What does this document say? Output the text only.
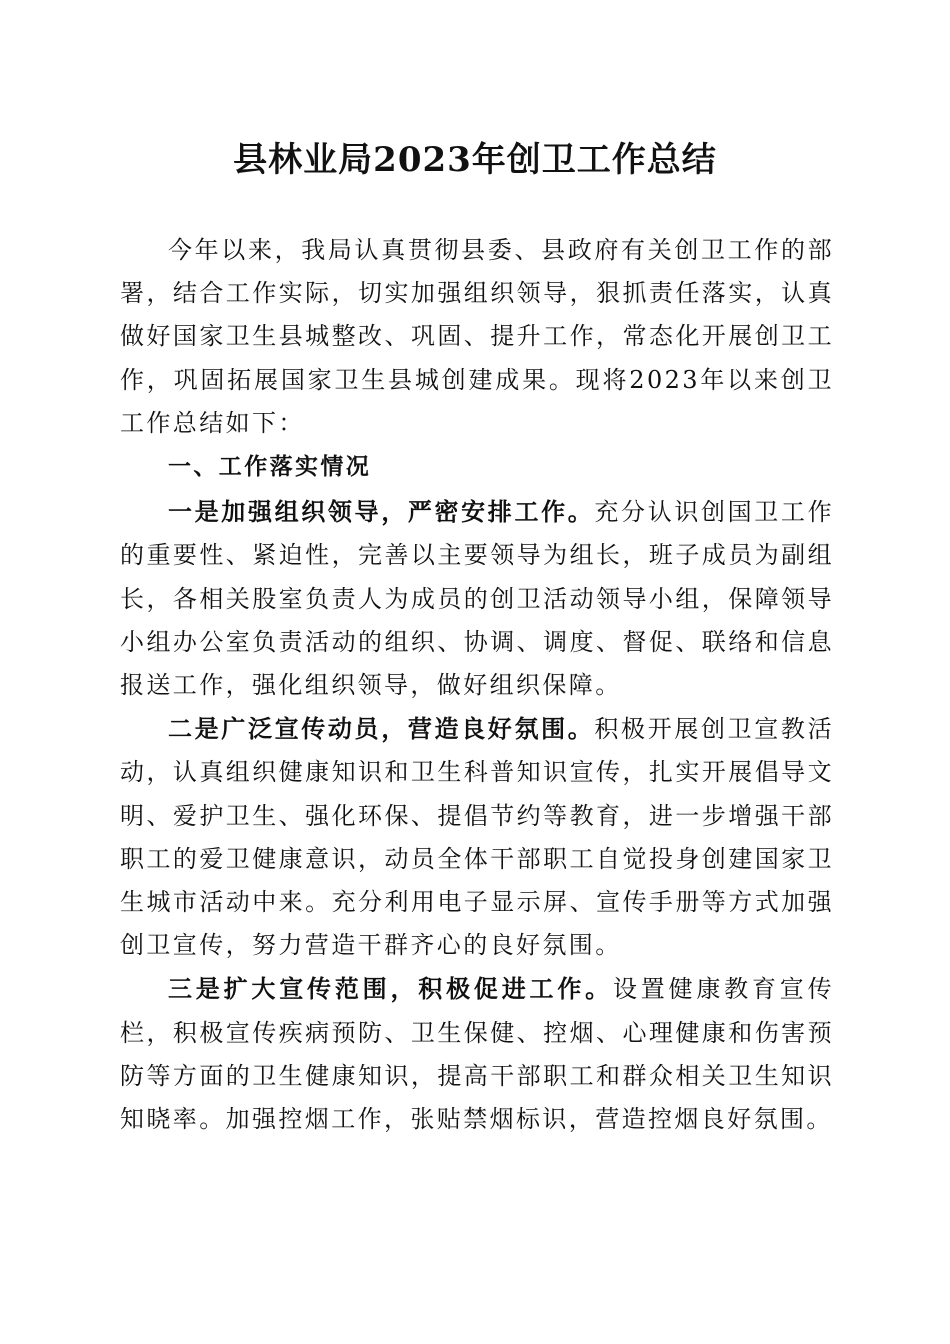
县林业局2023年创卫工作总结

今年以来，我局认真贯彻县委、县政府有关创卫工作的部署，结合工作实际，切实加强组织领导，狠抓责任落实，认真做好国家卫生县城整改、巩固、提升工作，常态化开展创卫工作，巩固拓展国家卫生县城创建成果。现将2023年以来创卫工作总结如下：

一、工作落实情况

一是加强组织领导，严密安排工作。充分认识创国卫工作的重要性、紧迫性，完善以主要领导为组长，班子成员为副组长，各相关股室负责人为成员的创卫活动领导小组，保障领导小组办公室负责活动的组织、协调、调度、督促、联络和信息报送工作，强化组织领导，做好组织保障。

二是广泛宣传动员，营造良好氛围。积极开展创卫宣教活动，认真组织健康知识和卫生科普知识宣传，扎实开展倡导文明、爱护卫生、强化环保、提倡节约等教育，进一步增强干部职工的爱卫健康意识，动员全体干部职工自觉投身创建国家卫生城市活动中来。充分利用电子显示屏、宣传手册等方式加强创卫宣传，努力营造干群齐心的良好氛围。

三是扩大宣传范围，积极促进工作。设置健康教育宣传栏，积极宣传疾病预防、卫生保健、控烟、心理健康和伤害预防等方面的卫生健康知识，提高干部职工和群众相关卫生知识知晓率。加强控烟工作，张贴禁烟标识，营造控烟良好氛围。
